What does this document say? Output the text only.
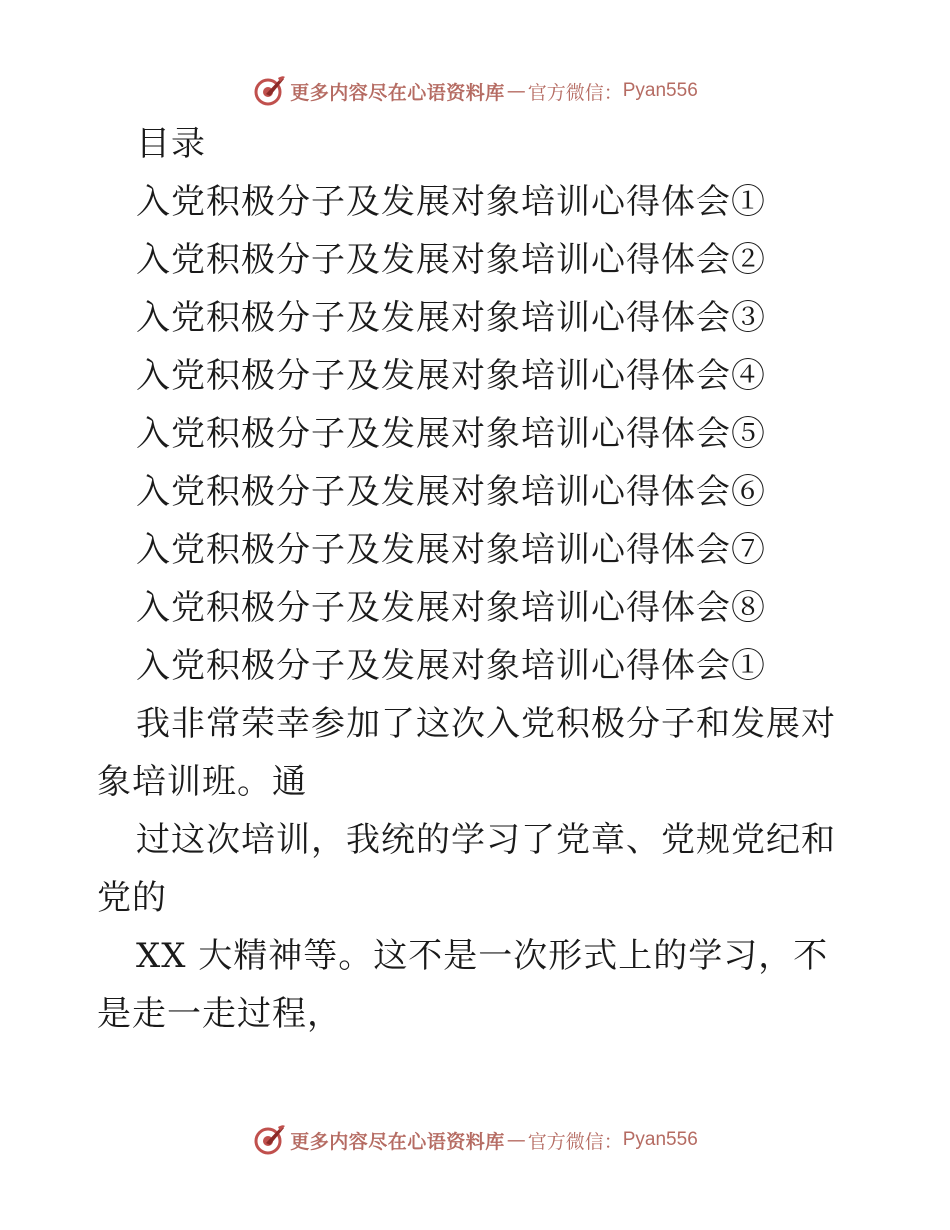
更多内容尽在心语资料库 — 官方微信： Pyan556
目录
入党积极分子及发展对象培训心得体会①
入党积极分子及发展对象培训心得体会②
入党积极分子及发展对象培训心得体会③
入党积极分子及发展对象培训心得体会④
入党积极分子及发展对象培训心得体会⑤
入党积极分子及发展对象培训心得体会⑥
入党积极分子及发展对象培训心得体会⑦
入党积极分子及发展对象培训心得体会⑧
入党积极分子及发展对象培训心得体会①

我非常荣幸参加了这次入党积极分子和发展对象培训班。通

过这次培训，我统的学习了党章、党规党纪和党的

XX 大精神等。这不是一次形式上的学习，不是走一走过程，

更多内容尽在心语资料库 — 官方微信： Pyan556
